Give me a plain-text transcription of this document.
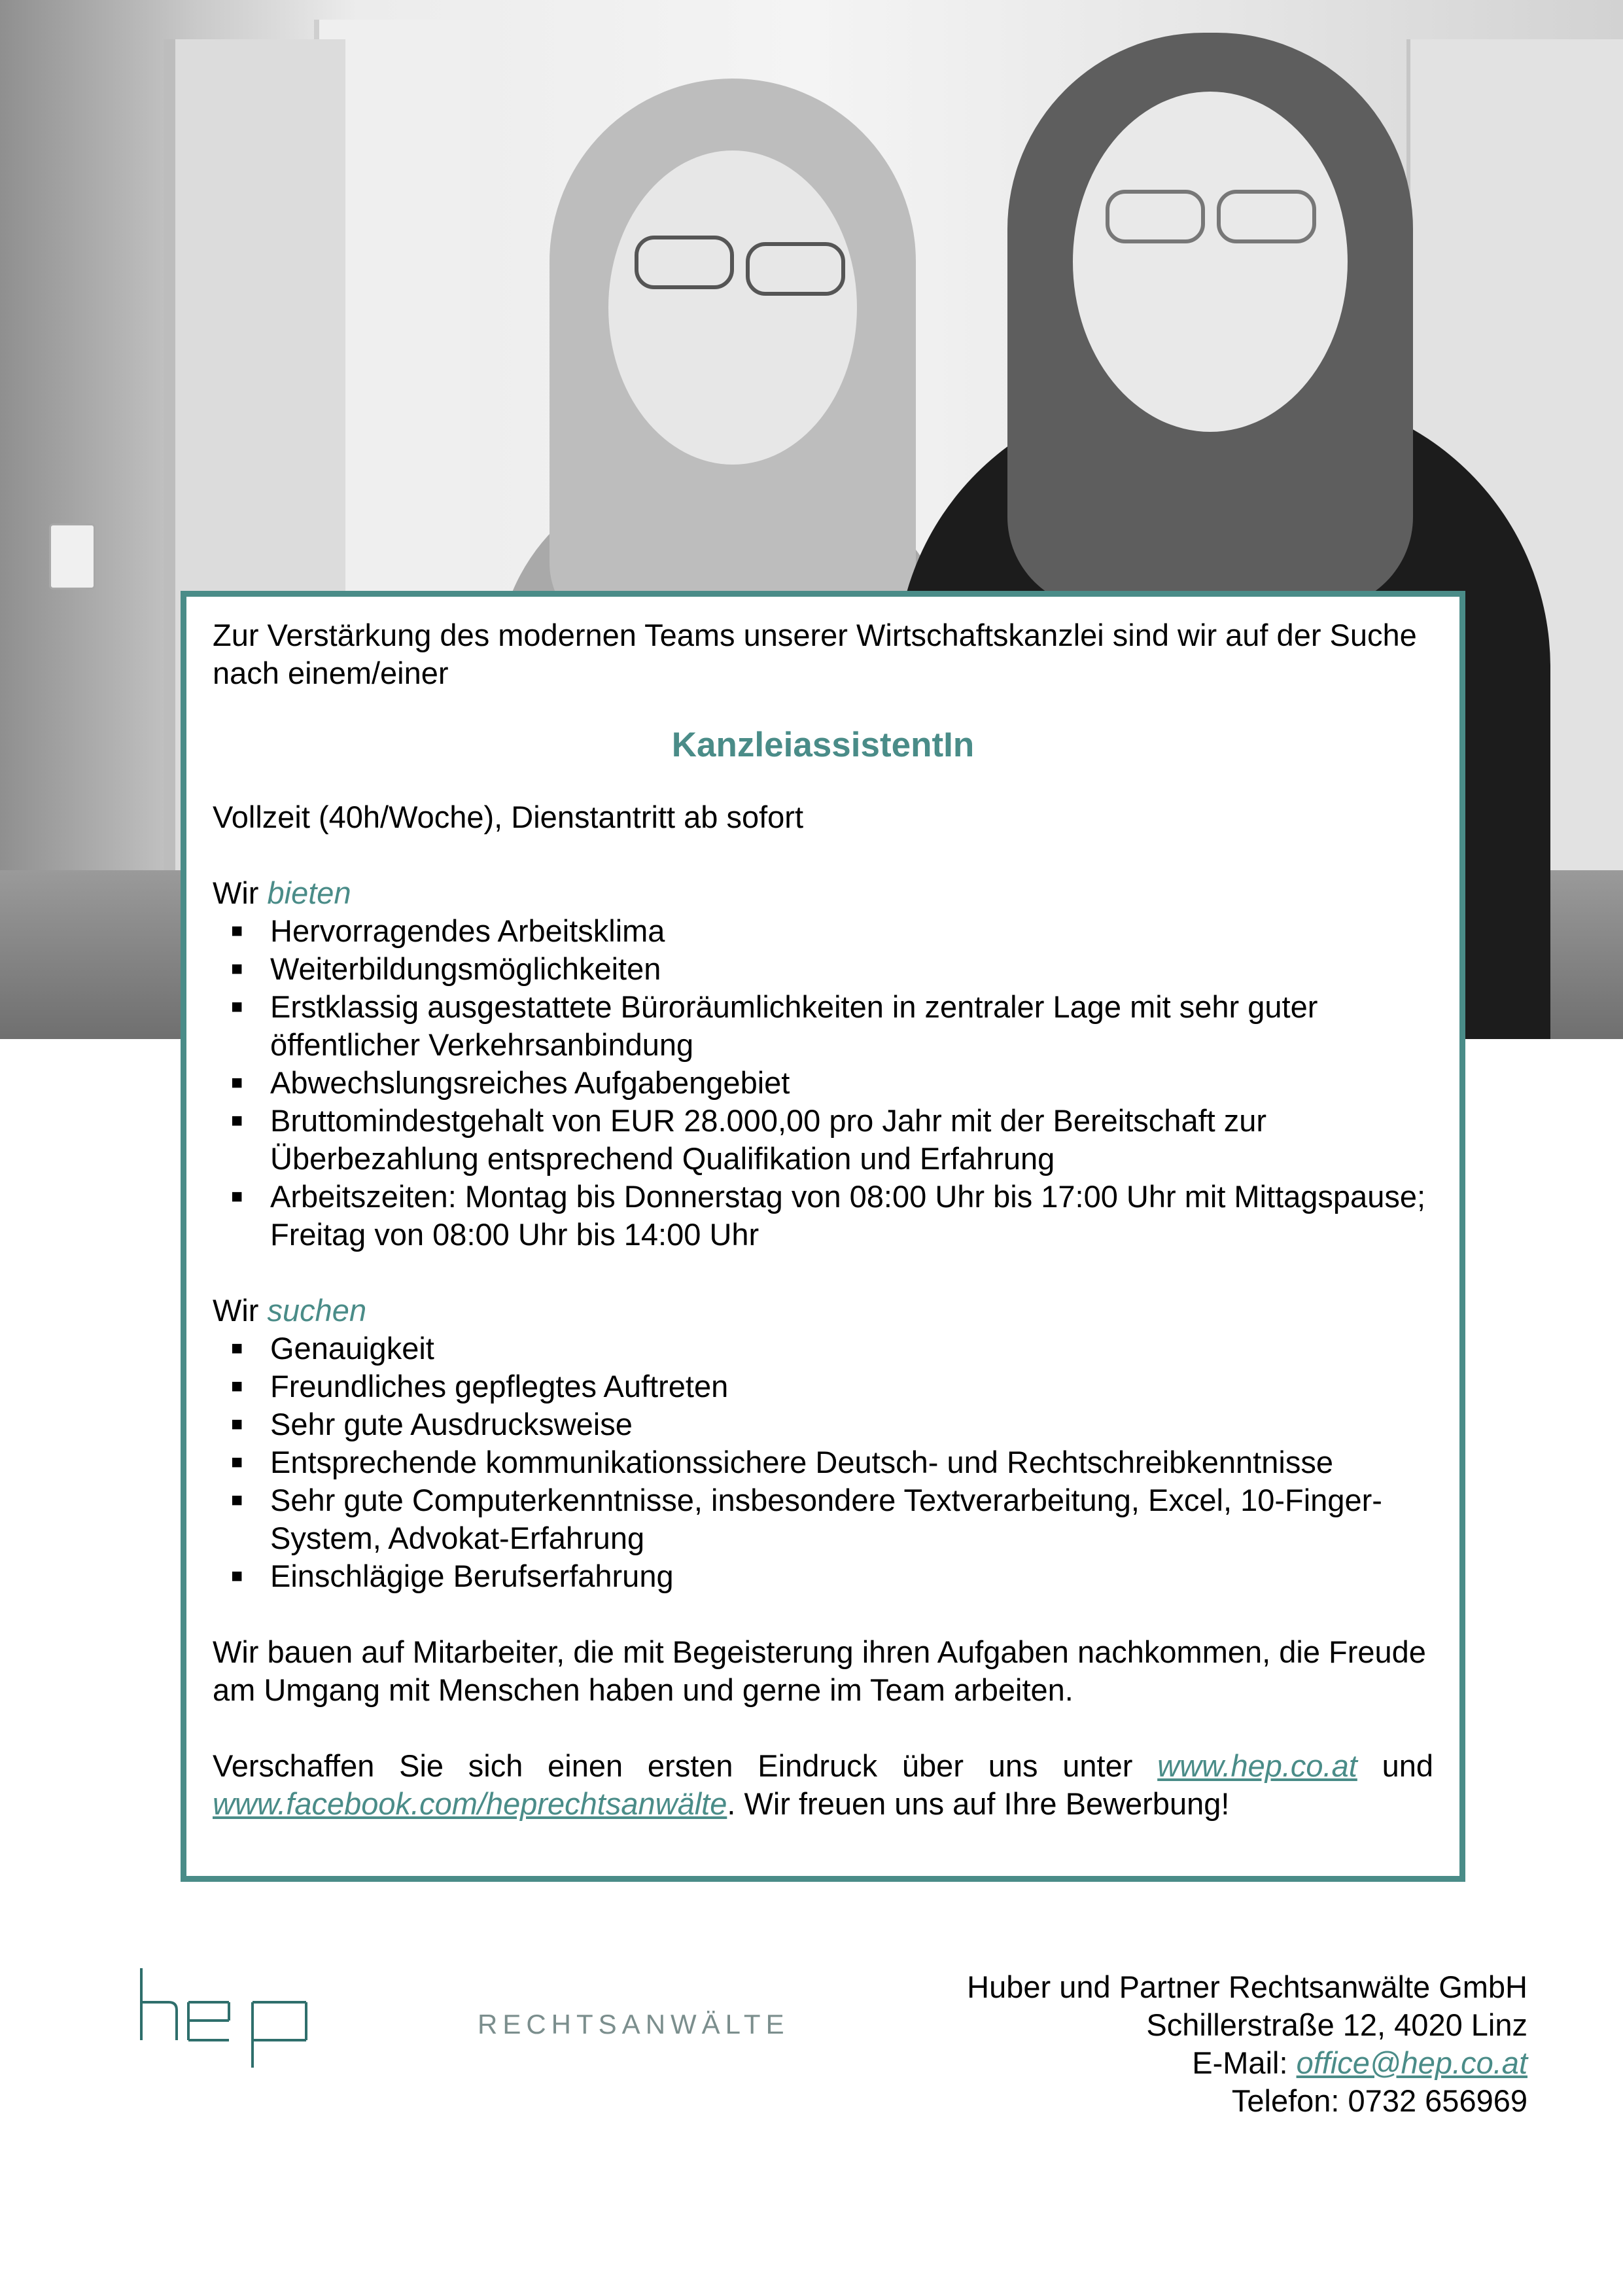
Zur Verstärkung des modernen Teams unserer Wirtschaftskanzlei sind wir auf der Suche nach einem/einer

KanzleiassistentIn

Vollzeit (40h/Woche), Dienstantritt ab sofort

Wir bieten

■ Hervorragendes Arbeitsklima
■ Weiterbildungsmöglichkeiten
■ Erstklassig ausgestattete Büroräumlichkeiten in zentraler Lage mit sehr guter öffentlicher Verkehrsanbindung
■ Abwechslungsreiches Aufgabengebiet
■ Bruttomindestgehalt von EUR 28.000,00 pro Jahr mit der Bereitschaft zur Überbezahlung entsprechend Qualifikation und Erfahrung
■ Arbeitszeiten: Montag bis Donnerstag von 08:00 Uhr bis 17:00 Uhr mit Mittagspause; Freitag von 08:00 Uhr bis 14:00 Uhr

Wir suchen

■ Genauigkeit
■ Freundliches gepflegtes Auftreten
■ Sehr gute Ausdrucksweise
■ Entsprechende kommunikationssichere Deutsch- und Rechtschreibkenntnisse
■ Sehr gute Computerkenntnisse, insbesondere Textverarbeitung, Excel, 10-Finger-System, Advokat-Erfahrung
■ Einschlägige Berufserfahrung

Wir bauen auf Mitarbeiter, die mit Begeisterung ihren Aufgaben nachkommen, die Freude am Umgang mit Menschen haben und gerne im Team arbeiten.

Verschaffen Sie sich einen ersten Eindruck über uns unter www.hep.co.at und www.facebook.com/heprechtsanwälte. Wir freuen uns auf Ihre Bewerbung!

RECHTSANWÄLTE
Huber und Partner Rechtsanwälte GmbH
Schillerstraße 12, 4020 Linz
E-Mail: office@hep.co.at
Telefon: 0732 656969
